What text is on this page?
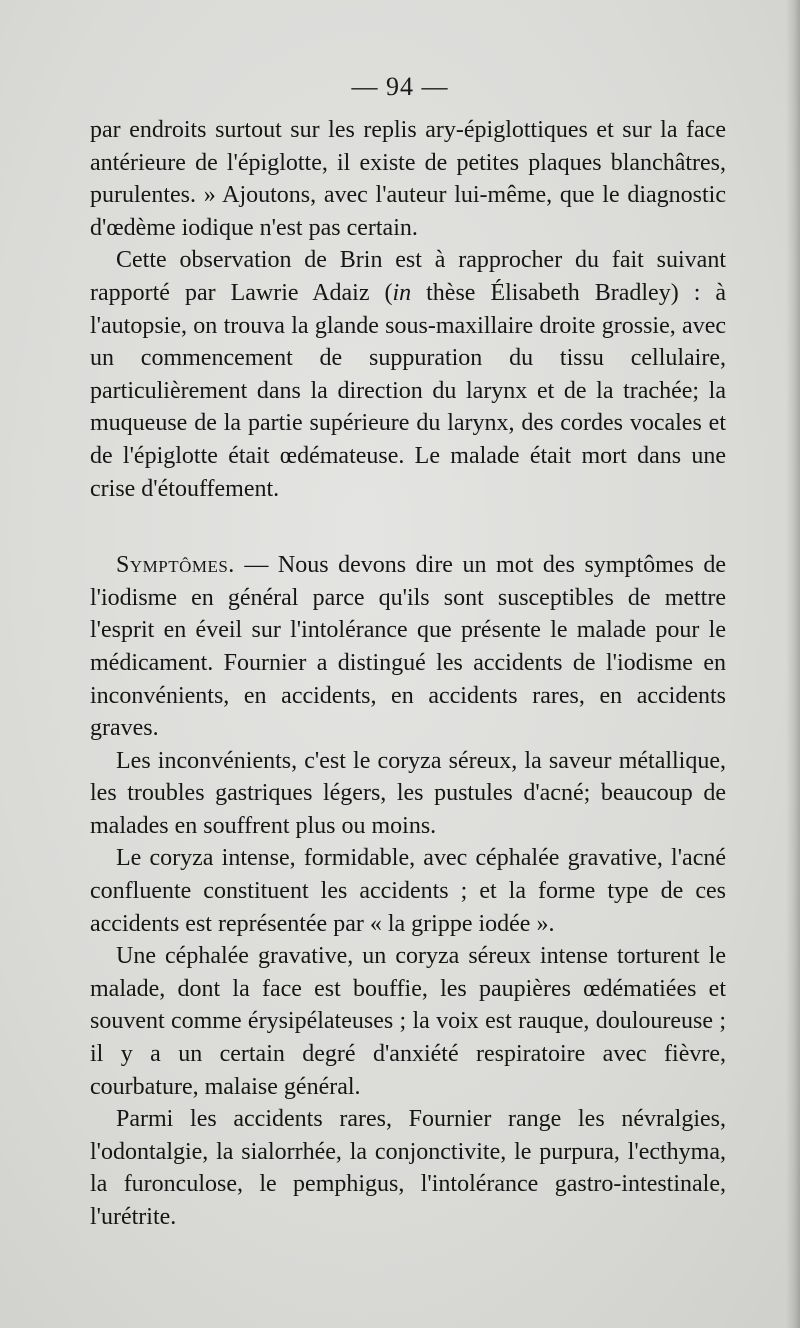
— 94 —

par endroits surtout sur les replis ary-épiglottiques et sur la face antérieure de l'épiglotte, il existe de petites plaques blanchâtres, purulentes. » Ajoutons, avec l'auteur lui-même, que le diagnostic d'œdème iodique n'est pas certain.

Cette observation de Brin est à rapprocher du fait suivant rapporté par Lawrie Adaiz (in thèse Élisabeth Bradley) : à l'autopsie, on trouva la glande sous-maxillaire droite grossie, avec un commencement de suppuration du tissu cellulaire, particulièrement dans la direction du larynx et de la trachée; la muqueuse de la partie supérieure du larynx, des cordes vocales et de l'épiglotte était œdémateuse. Le malade était mort dans une crise d'étouffement.

Symptômes. — Nous devons dire un mot des symptômes de l'iodisme en général parce qu'ils sont susceptibles de mettre l'esprit en éveil sur l'intolérance que présente le malade pour le médicament. Fournier a distingué les accidents de l'iodisme en inconvénients, en accidents, en accidents rares, en accidents graves.

Les inconvénients, c'est le coryza séreux, la saveur métallique, les troubles gastriques légers, les pustules d'acné; beaucoup de malades en souffrent plus ou moins.

Le coryza intense, formidable, avec céphalée gravative, l'acné confluente constituent les accidents ; et la forme type de ces accidents est représentée par « la grippe iodée ».

Une céphalée gravative, un coryza séreux intense torturent le malade, dont la face est bouffie, les paupières œdématiées et souvent comme érysipélateuses ; la voix est rauque, douloureuse ; il y a un certain degré d'anxiété respiratoire avec fièvre, courbature, malaise général.

Parmi les accidents rares, Fournier range les névralgies, l'odontalgie, la sialorrhée, la conjonctivite, le purpura, l'ecthyma, la furonculose, le pemphigus, l'intolérance gastro-intestinale, l'urétrite.
